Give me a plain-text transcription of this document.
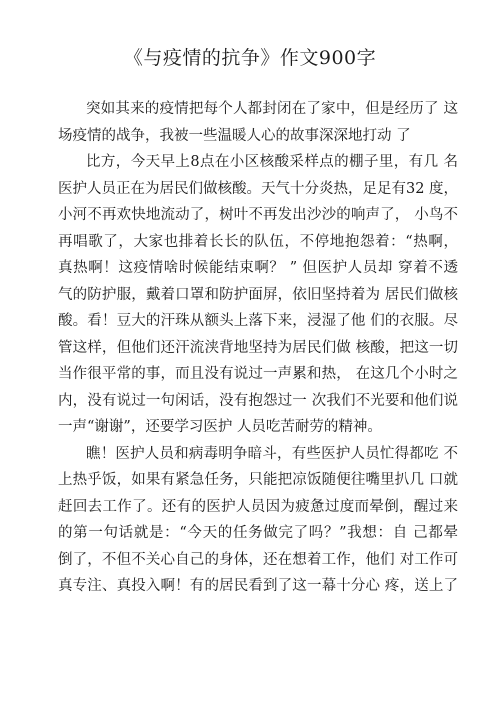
《与疫情的抗争》作文900字
突如其来的疫情把每个人都封闭在了家中，但是经历了 这
场疫情的战争，我被一些温暖人心的故事深深地打动 了
比方，今天早上8点在小区核酸采样点的棚子里，有几 名
医护人员正在为居民们做核酸。天气十分炎热，足足有32 度，
小河不再欢快地流动了，树叶不再发出沙沙的响声了， 小鸟不
再唱歌了，大家也排着长长的队伍，不停地抱怨着：“热啊，
真热啊！这疫情啥时候能结束啊？ ” 但医护人员却 穿着不透
气的防护服，戴着口罩和防护面屏，依旧坚持着为 居民们做核
酸。看！豆大的汗珠从额头上落下来，浸湿了他 们的衣服。尽
管这样，但他们还汗流浃背地坚持为居民们做 核酸，把这一切
当作很平常的事，而且没有说过一声累和热， 在这几个小时之
内，没有说过一句闲话，没有抱怨过一 次我们不光要和他们说
一声“谢谢”，还要学习医护 人员吃苦耐劳的精神。
瞧！医护人员和病毒明争暗斗，有些医护人员忙得都吃 不
上热乎饭，如果有紧急任务，只能把凉饭随便往嘴里扒几 口就
赶回去工作了。还有的医护人员因为疲惫过度而晕倒，醒过来
的第一句话就是：“今天的任务做完了吗？”我想：自 己都晕
倒了，不但不关心自己的身体，还在想着工作，他们 对工作可
真专注、真投入啊！有的居民看到了这一幕十分心 疼，送上了
